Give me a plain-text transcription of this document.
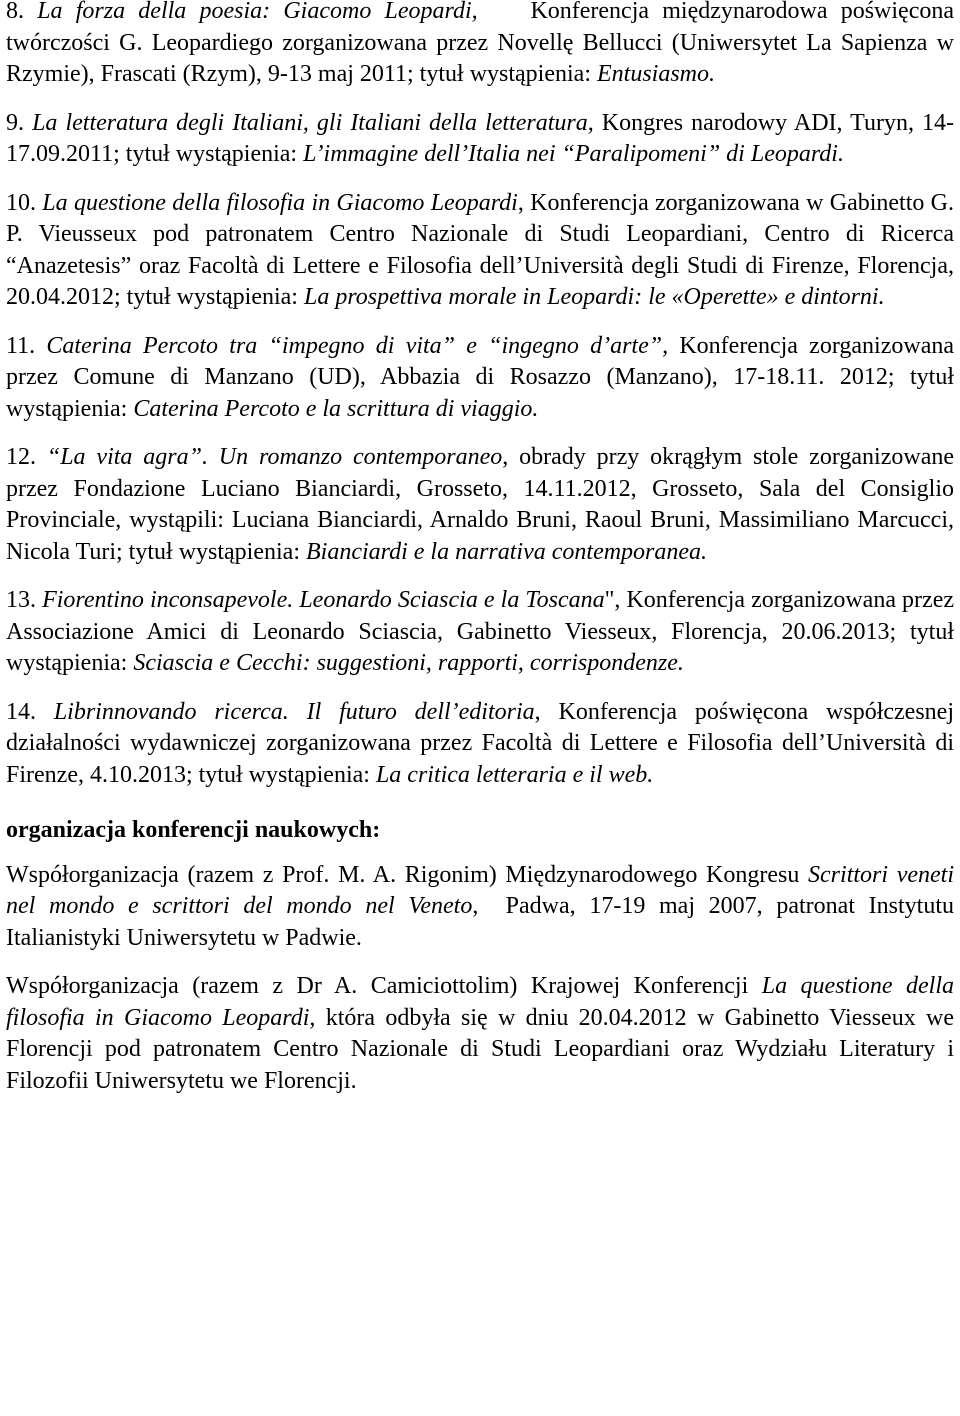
8. La forza della poesia: Giacomo Leopardi,    Konferencja międzynarodowa poświęcona twórczości G. Leopardiego zorganizowana przez Novellę Bellucci (Uniwersytet La Sapienza w Rzymie), Frascati (Rzym), 9-13 maj 2011; tytuł wystąpienia: Entusiasmo.

9. La letteratura degli Italiani, gli Italiani della letteratura, Kongres narodowy ADI, Turyn, 14-17.09.2011; tytuł wystąpienia: L’immagine dell’Italia nei “Paralipomeni” di Leopardi.

10. La questione della filosofia in Giacomo Leopardi, Konferencja zorganizowana w Gabinetto G. P. Vieusseux pod patronatem Centro Nazionale di Studi Leopardiani, Centro di Ricerca “Anazetesis” oraz Facoltà di Lettere e Filosofia dell’Università degli Studi di Firenze, Florencja, 20.04.2012; tytuł wystąpienia: La prospettiva morale in Leopardi: le «Operette» e dintorni.

11. Caterina Percoto tra “impegno di vita” e “ingegno d’arte”, Konferencja zorganizowana przez Comune di Manzano (UD), Abbazia di Rosazzo (Manzano), 17-18.11. 2012; tytuł wystąpienia: Caterina Percoto e la scrittura di viaggio.

12. “La vita agra”. Un romanzo contemporaneo, obrady przy okrągłym stole zorganizowane przez Fondazione Luciano Bianciardi, Grosseto, 14.11.2012, Grosseto, Sala del Consiglio Provinciale, wystąpili: Luciana Bianciardi, Arnaldo Bruni, Raoul Bruni, Massimiliano Marcucci, Nicola Turi; tytuł wystąpienia: Bianciardi e la narrativa contemporanea.

13. Fiorentino inconsapevole. Leonardo Sciascia e la Toscana", Konferencja zorganizowana przez Associazione Amici di Leonardo Sciascia, Gabinetto Viesseux, Florencja, 20.06.2013; tytuł wystąpienia: Sciascia e Cecchi: suggestioni, rapporti, corrispondenze.

14. Librinnovando ricerca. Il futuro dell’editoria, Konferencja poświęcona współczesnej działalności wydawniczej zorganizowana przez Facoltà di Lettere e Filosofia dell’Università di Firenze, 4.10.2013; tytuł wystąpienia: La critica letteraria e il web.

organizacja konferencji naukowych:

Współorganizacja (razem z Prof. M. A. Rigonim) Międzynarodowego Kongresu Scrittori veneti nel mondo e scrittori del mondo nel Veneto,  Padwa, 17-19 maj 2007, patronat Instytutu Italianistyki Uniwersytetu w Padwie.

Współorganizacja (razem z Dr A. Camiciottolim) Krajowej Konferencji La questione della filosofia in Giacomo Leopardi, która odbyła się w dniu 20.04.2012 w Gabinetto Viesseux we Florencji pod patronatem Centro Nazionale di Studi Leopardiani oraz Wydziału Literatury i Filozofii Uniwersytetu we Florencji.
